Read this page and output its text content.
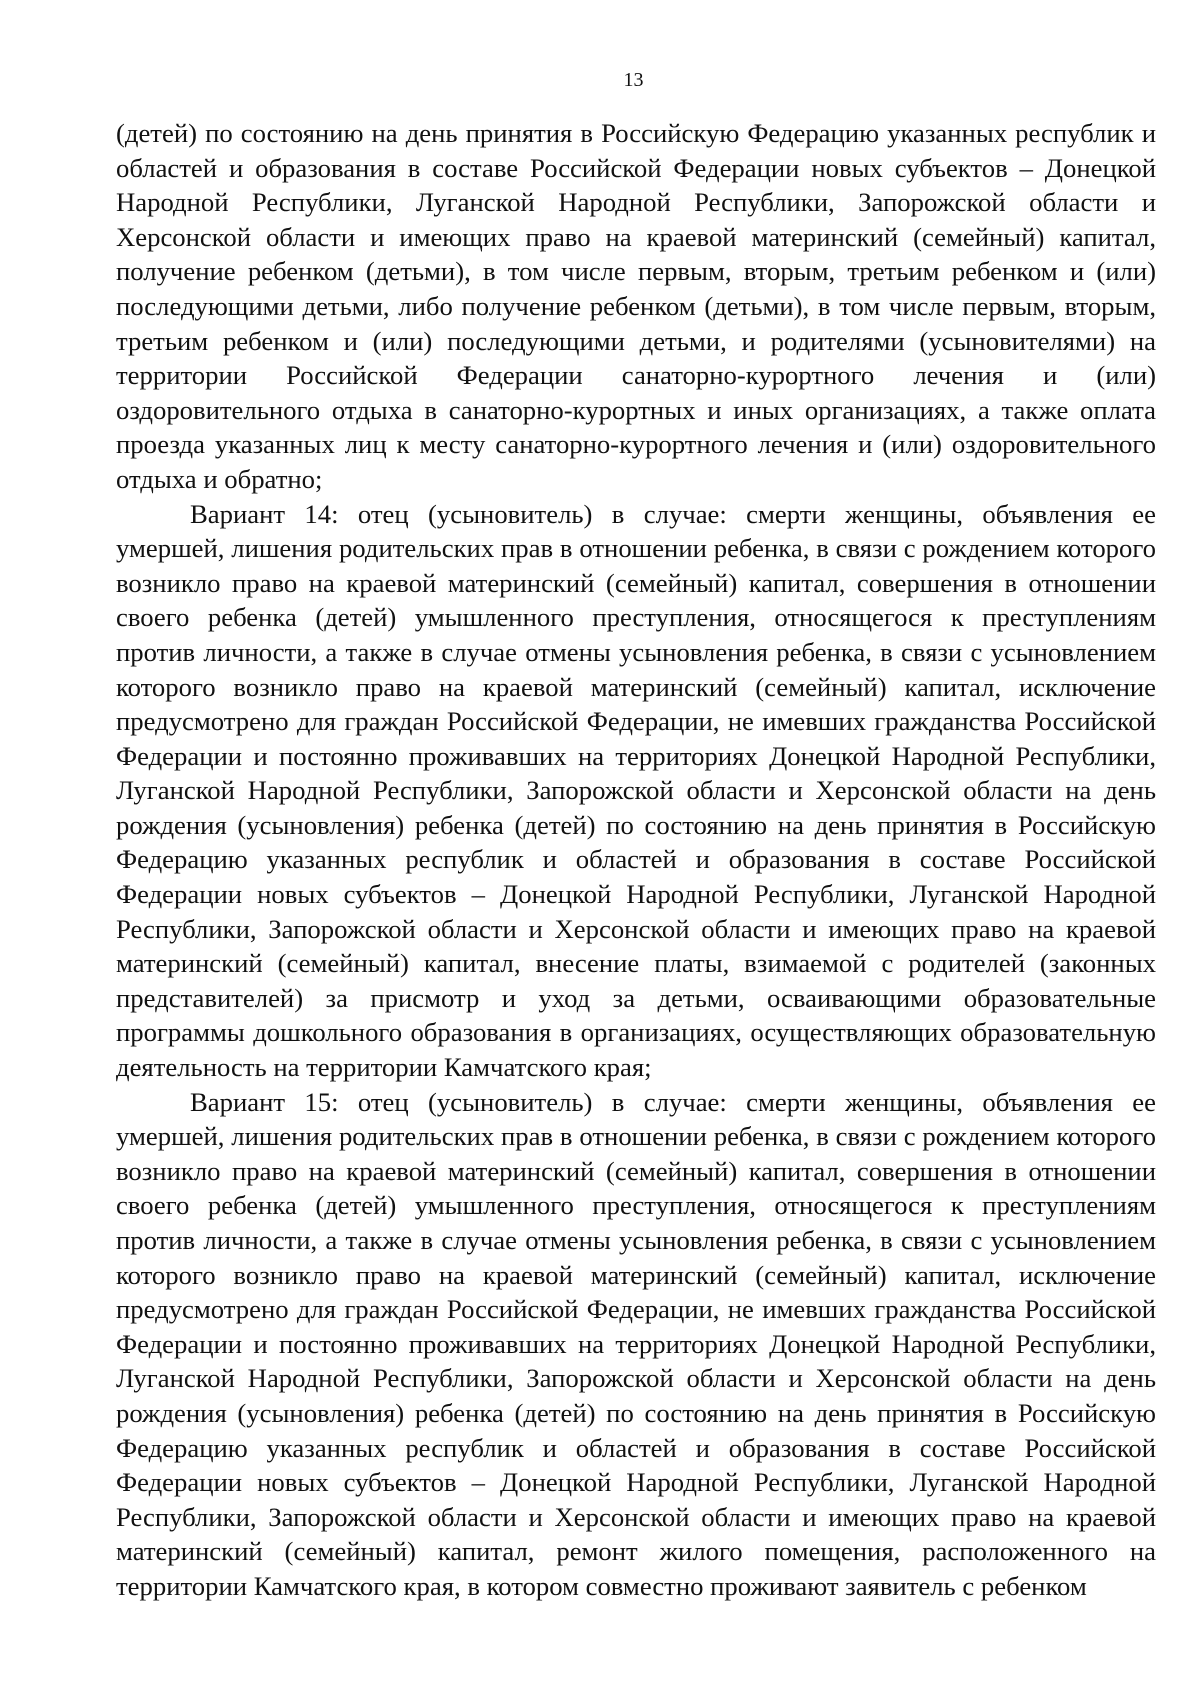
13

(детей) по состоянию на день принятия в Российскую Федерацию указанных республик и областей и образования в составе Российской Федерации новых субъектов – Донецкой Народной Республики, Луганской Народной Республики, Запорожской области и Херсонской области и имеющих право на краевой материнский (семейный) капитал, получение ребенком (детьми), в том числе первым, вторым, третьим ребенком и (или) последующими детьми, либо получение ребенком (детьми), в том числе первым, вторым, третьим ребенком и (или) последующими детьми, и родителями (усыновителями) на территории Российской Федерации санаторно-курортного лечения и (или) оздоровительного отдыха в санаторно-курортных и иных организациях, а также оплата проезда указанных лиц к месту санаторно-курортного лечения и (или) оздоровительного отдыха и обратно;

Вариант 14: отец (усыновитель) в случае: смерти женщины, объявления ее умершей, лишения родительских прав в отношении ребенка, в связи с рождением которого возникло право на краевой материнский (семейный) капитал, совершения в отношении своего ребенка (детей) умышленного преступления, относящегося к преступлениям против личности, а также в случае отмены усыновления ребенка, в связи с усыновлением которого возникло право на краевой материнский (семейный) капитал, исключение предусмотрено для граждан Российской Федерации, не имевших гражданства Российской Федерации и постоянно проживавших на территориях Донецкой Народной Республики, Луганской Народной Республики, Запорожской области и Херсонской области на день рождения (усыновления) ребенка (детей) по состоянию на день принятия в Российскую Федерацию указанных республик и областей и образования в составе Российской Федерации новых субъектов – Донецкой Народной Республики, Луганской Народной Республики, Запорожской области и Херсонской области и имеющих право на краевой материнский (семейный) капитал, внесение платы, взимаемой с родителей (законных представителей) за присмотр и уход за детьми, осваивающими образовательные программы дошкольного образования в организациях, осуществляющих образовательную деятельность на территории Камчатского края;

Вариант 15: отец (усыновитель) в случае: смерти женщины, объявления ее умершей, лишения родительских прав в отношении ребенка, в связи с рождением которого возникло право на краевой материнский (семейный) капитал, совершения в отношении своего ребенка (детей) умышленного преступления, относящегося к преступлениям против личности, а также в случае отмены усыновления ребенка, в связи с усыновлением которого возникло право на краевой материнский (семейный) капитал, исключение предусмотрено для граждан Российской Федерации, не имевших гражданства Российской Федерации и постоянно проживавших на территориях Донецкой Народной Республики, Луганской Народной Республики, Запорожской области и Херсонской области на день рождения (усыновления) ребенка (детей) по состоянию на день принятия в Российскую Федерацию указанных республик и областей и образования в составе Российской Федерации новых субъектов – Донецкой Народной Республики, Луганской Народной Республики, Запорожской области и Херсонской области и имеющих право на краевой материнский (семейный) капитал, ремонт жилого помещения, расположенного на территории Камчатского края, в котором совместно проживают заявитель с ребенком
